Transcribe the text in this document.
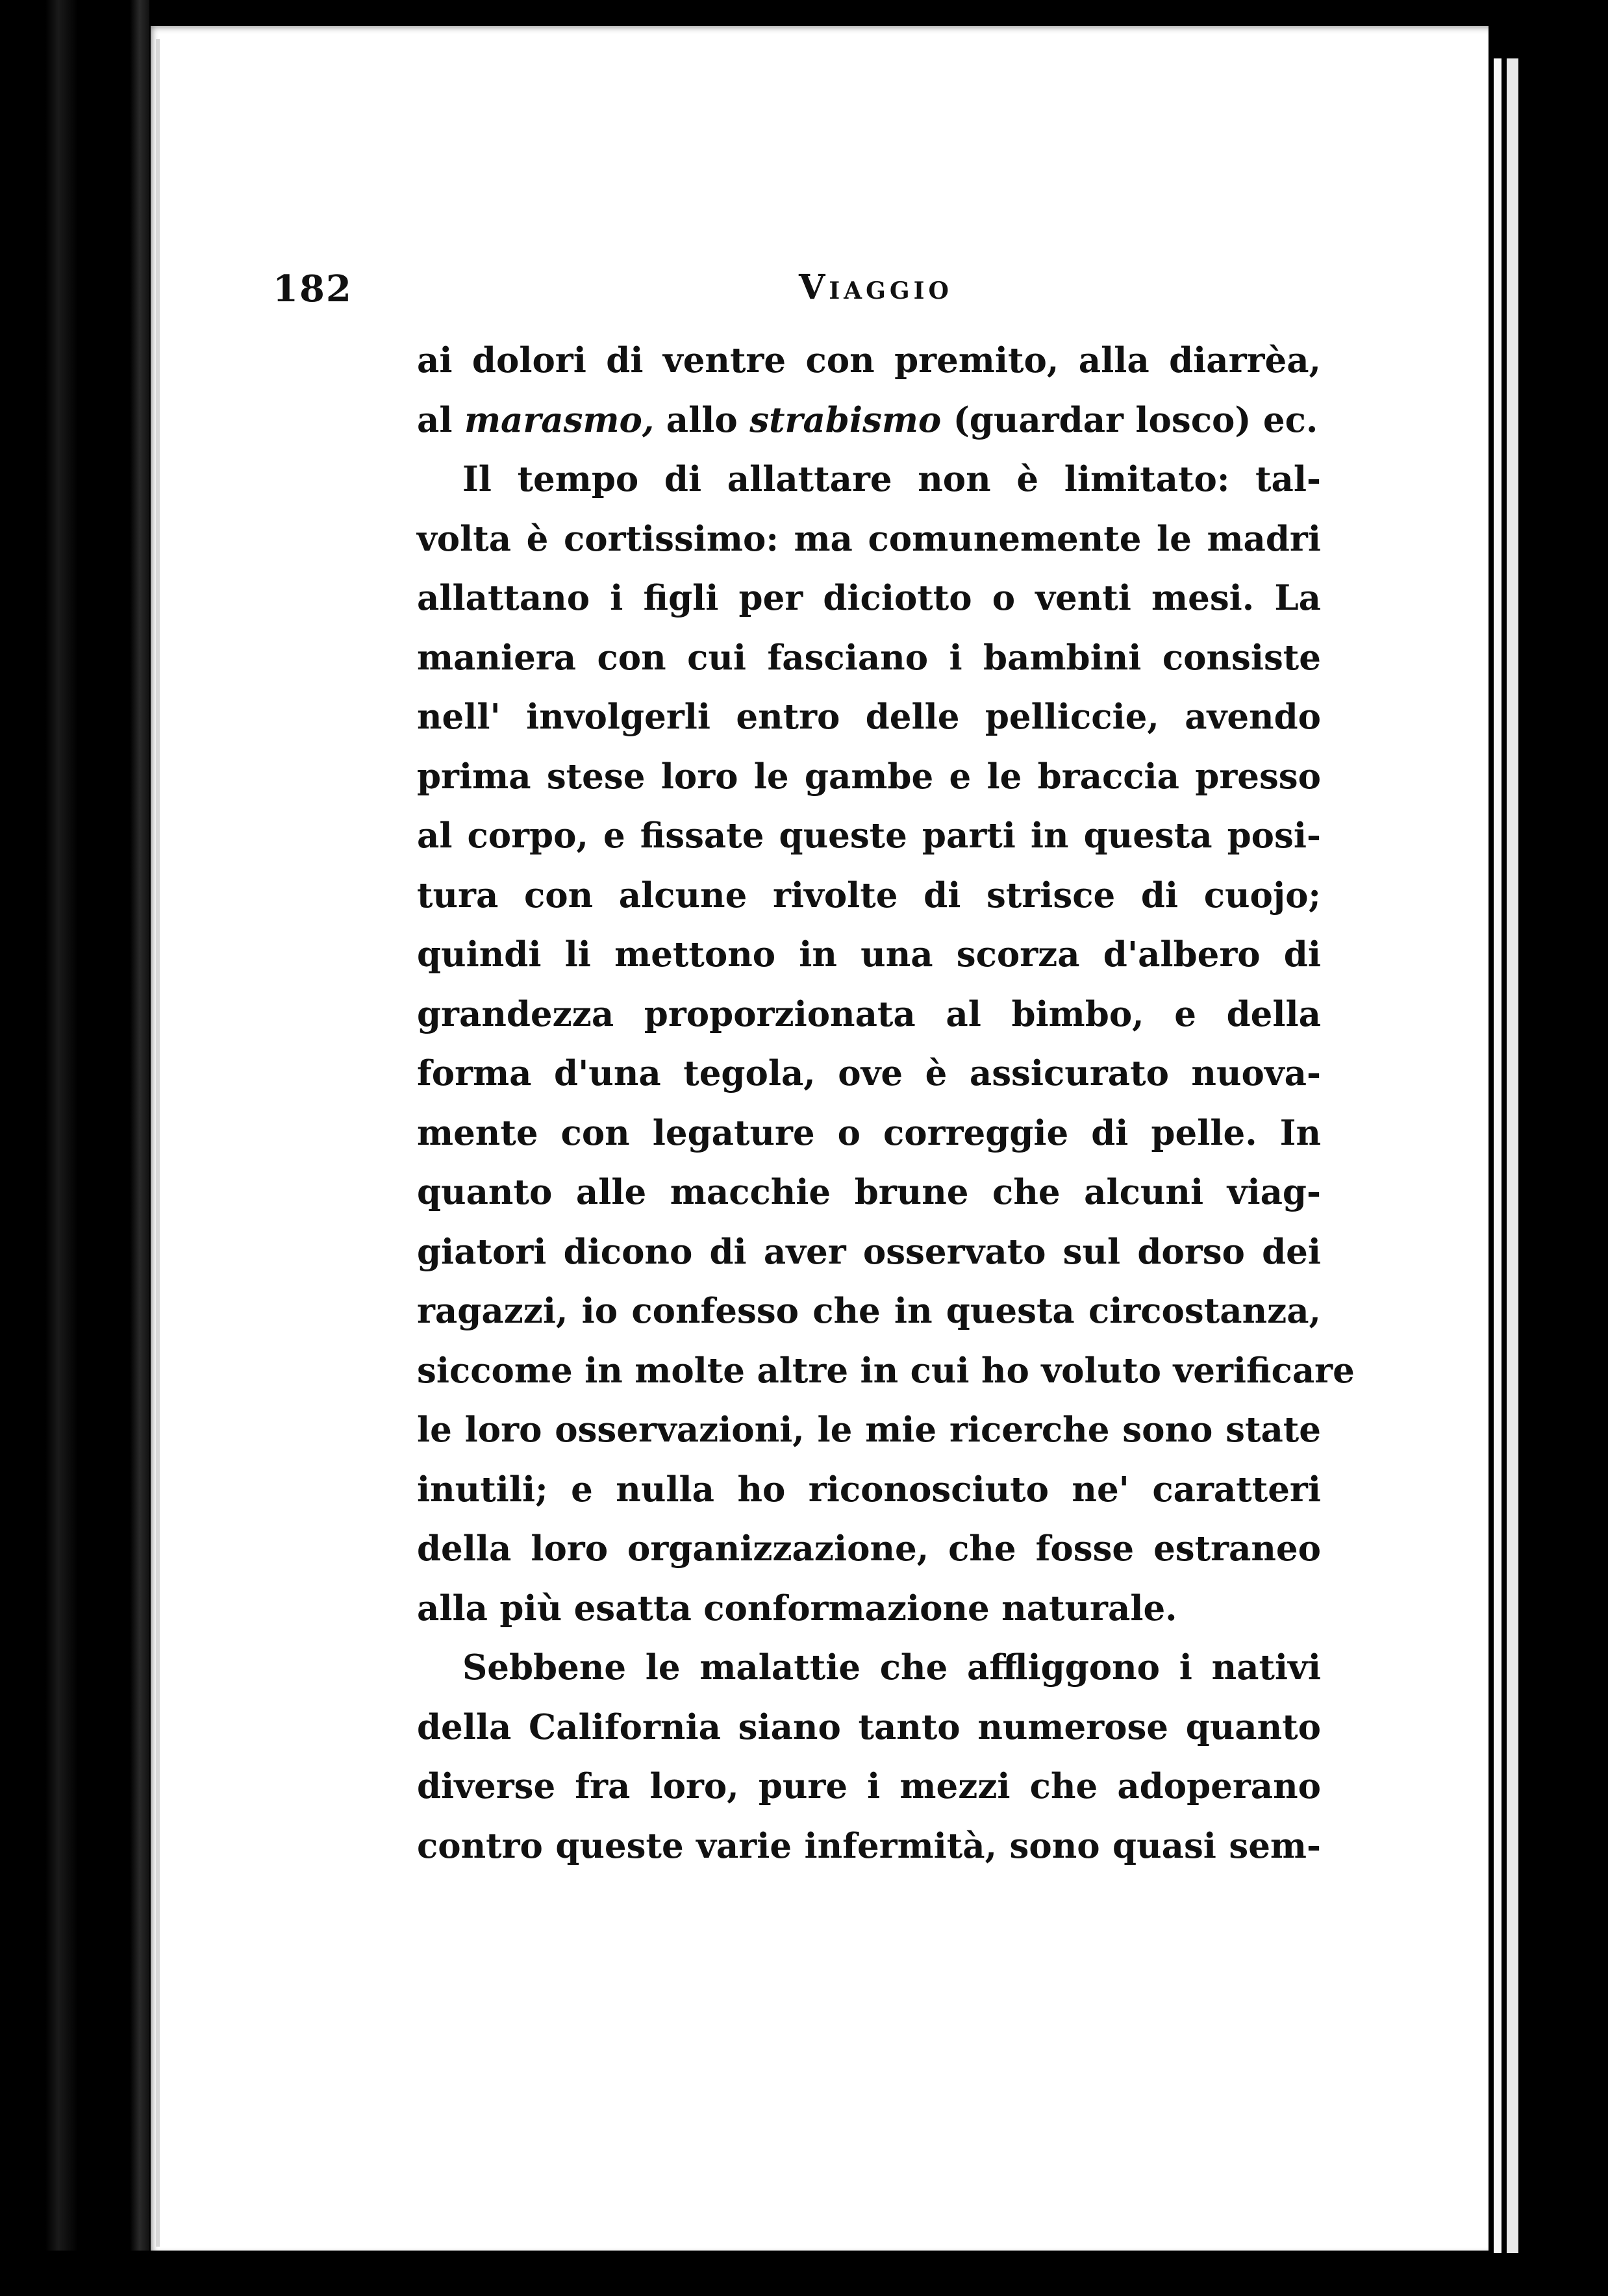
182	Viaggio
ai dolori di ventre con premito, alla diarrèa,
al marasmo, allo strabismo (guardar losco) ec.
Il tempo di allattare non è limitato: tal-
volta è cortissimo: ma comunemente le madri
allattano i figli per diciotto o venti mesi. La
maniera con cui fasciano i bambini consiste
nell' involgerli entro delle pelliccie, avendo
prima stese loro le gambe e le braccia presso
al corpo, e fissate queste parti in questa posi-
tura con alcune rivolte di strisce di cuojo;
quindi li mettono in una scorza d'albero di
grandezza proporzionata al bimbo, e della
forma d'una tegola, ove è assicurato nuova-
mente con legature o correggie di pelle. In
quanto alle macchie brune che alcuni viag-
giatori dicono di aver osservato sul dorso dei
ragazzi, io confesso che in questa circostanza,
siccome in molte altre in cui ho voluto verificare
le loro osservazioni, le mie ricerche sono state
inutili; e nulla ho riconosciuto ne' caratteri
della loro organizzazione, che fosse estraneo
alla più esatta conformazione naturale.
Sebbene le malattie che affliggono i nativi
della California siano tanto numerose quanto
diverse fra loro, pure i mezzi che adoperano
contro queste varie infermità, sono quasi sem-
